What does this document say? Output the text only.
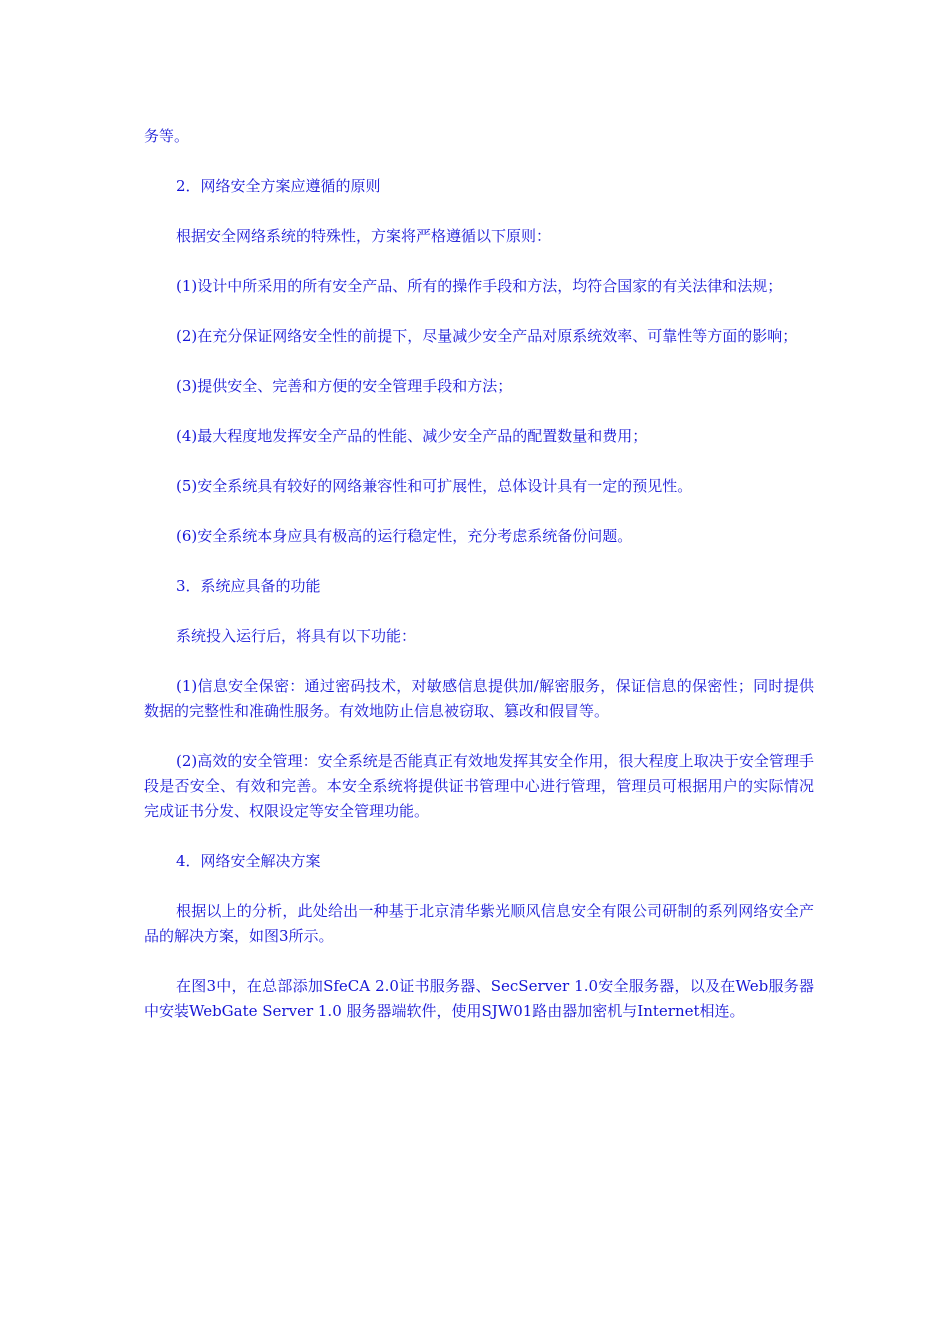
务等。

2．网络安全方案应遵循的原则

根据安全网络系统的特殊性，方案将严格遵循以下原则：

(1)设计中所采用的所有安全产品、所有的操作手段和方法，均符合国家的有关法律和法规；

(2)在充分保证网络安全性的前提下，尽量减少安全产品对原系统效率、可靠性等方面的影响；

(3)提供安全、完善和方便的安全管理手段和方法；

(4)最大程度地发挥安全产品的性能、减少安全产品的配置数量和费用；

(5)安全系统具有较好的网络兼容性和可扩展性，总体设计具有一定的预见性。

(6)安全系统本身应具有极高的运行稳定性，充分考虑系统备份问题。

3．系统应具备的功能

系统投入运行后，将具有以下功能：

(1)信息安全保密：通过密码技术，对敏感信息提供加/解密服务，保证信息的保密性；同时提供数据的完整性和准确性服务。有效地防止信息被窃取、篡改和假冒等。

(2)高效的安全管理：安全系统是否能真正有效地发挥其安全作用，很大程度上取决于安全管理手段是否安全、有效和完善。本安全系统将提供证书管理中心进行管理，管理员可根据用户的实际情况完成证书分发、权限设定等安全管理功能。

4．网络安全解决方案

根据以上的分析，此处给出一种基于北京清华紫光顺风信息安全有限公司研制的系列网络安全产品的解决方案，如图3所示。

在图3中，在总部添加SfeCA 2.0证书服务器、SecServer 1.0安全服务器，以及在Web服务器中安装WebGate Server 1.0 服务器端软件，使用SJW01路由器加密机与Internet相连。
